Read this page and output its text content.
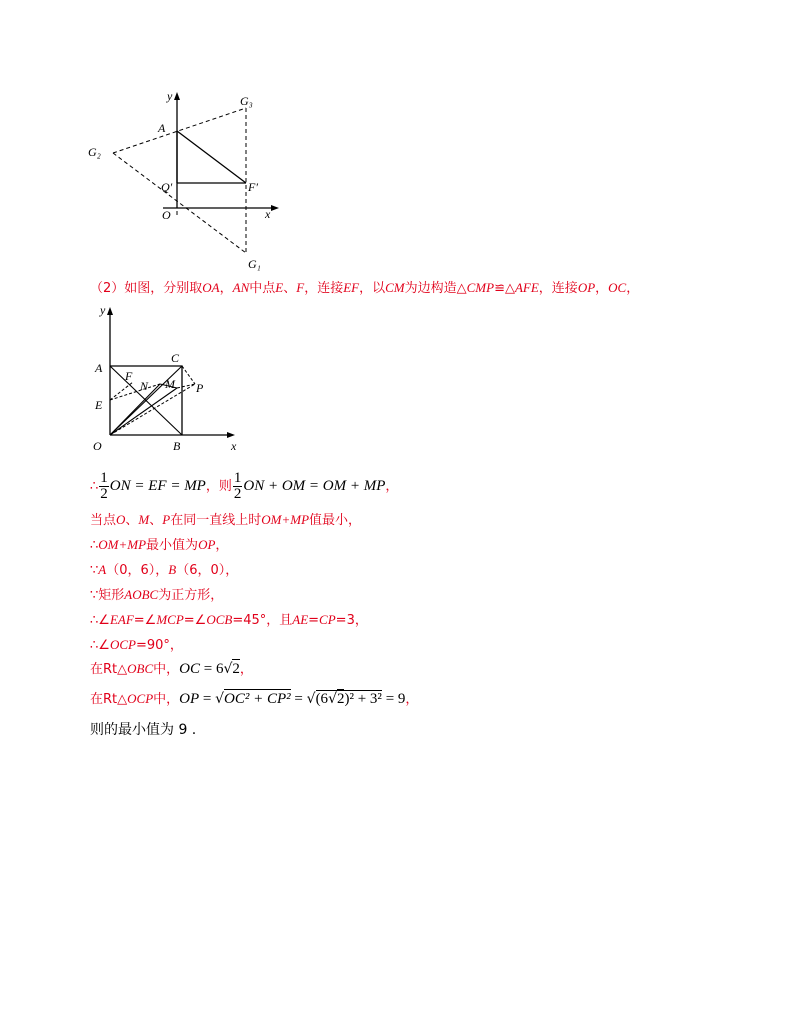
y
x
A
O
Q′	F′
G₁
G₂
G₃
（2）如图，分别取OA，AN中点E、F，连接EF，以CM为边构造△CMP≌△AFE，连接OP，OC，
A
C
E
F
N M P
O	B
y
x
∴ $\frac{1}{2}$ ON = EF = MP，则 $\frac{1}{2}$ ON + OM = OM + MP，
当点O、M、P在同一直线上时OM+MP值最小，
∴OM+MP最小值为OP，
∵A（0，6），B（6，0），
∵矩形AOBC为正方形，
∴∠EAF=∠MCP=∠OCB=45°，且AE=CP=3，
∴∠OCP=90°，
在Rt△OBC中，OC = 6√2，
在Rt△OCP中，OP = √OC² + CP² = √(6√2)² + 3² = 9，
则的最小值为 9 .
